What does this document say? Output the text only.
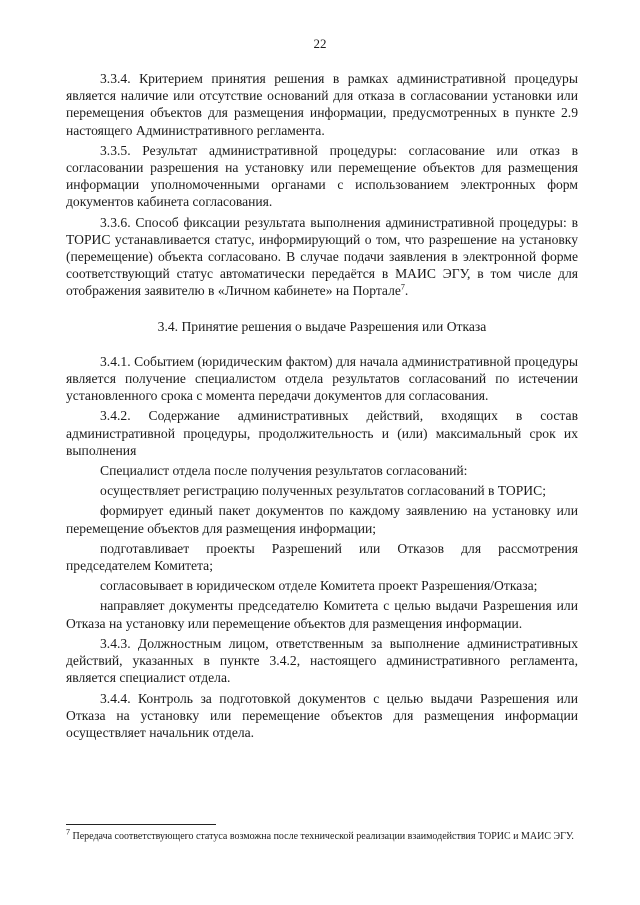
22

3.3.4. Критерием принятия решения в рамках административной процедуры является наличие или отсутствие оснований для отказа в согласовании установки или перемещения объектов для размещения информации, предусмотренных в пункте 2.9 настоящего Административного регламента.

3.3.5. Результат административной процедуры: согласование или отказ в согласовании разрешения на установку или перемещение объектов для размещения информации уполномоченными органами с использованием электронных форм документов кабинета согласования.

3.3.6. Способ фиксации результата выполнения административной процедуры: в ТОРИС устанавливается статус, информирующий о том, что разрешение на установку (перемещение) объекта согласовано. В случае подачи заявления в электронной форме соответствующий статус автоматически передаётся в МАИС ЭГУ, в том числе для отображения заявителю в «Личном кабинете» на Портале$^7$.

3.4. Принятие решения о выдаче Разрешения или Отказа

3.4.1. Событием (юридическим фактом) для начала административной процедуры является получение специалистом отдела результатов согласований по истечении установленного срока с момента передачи документов для согласования.

3.4.2. Содержание административных действий, входящих в состав административной процедуры, продолжительность и (или) максимальный срок их выполнения

Специалист отдела после получения результатов согласований:

осуществляет регистрацию полученных результатов согласований в ТОРИС;

формирует единый пакет документов по каждому заявлению на установку или перемещение объектов для размещения информации;

подготавливает проекты Разрешений или Отказов для рассмотрения председателем Комитета;

согласовывает в юридическом отделе Комитета проект Разрешения/Отказа;

направляет документы председателю Комитета с целью выдачи Разрешения или Отказа на установку или перемещение объектов для размещения информации.

3.4.3. Должностным лицом, ответственным за выполнение административных действий, указанных в пункте 3.4.2, настоящего административного регламента, является специалист отдела.

3.4.4. Контроль за подготовкой документов с целью выдачи Разрешения или Отказа на установку или перемещение объектов для размещения информации осуществляет начальник отдела.

$^7$ Передача соответствующего статуса возможна после технической реализации взаимодействия ТОРИС и МАИС ЭГУ.
